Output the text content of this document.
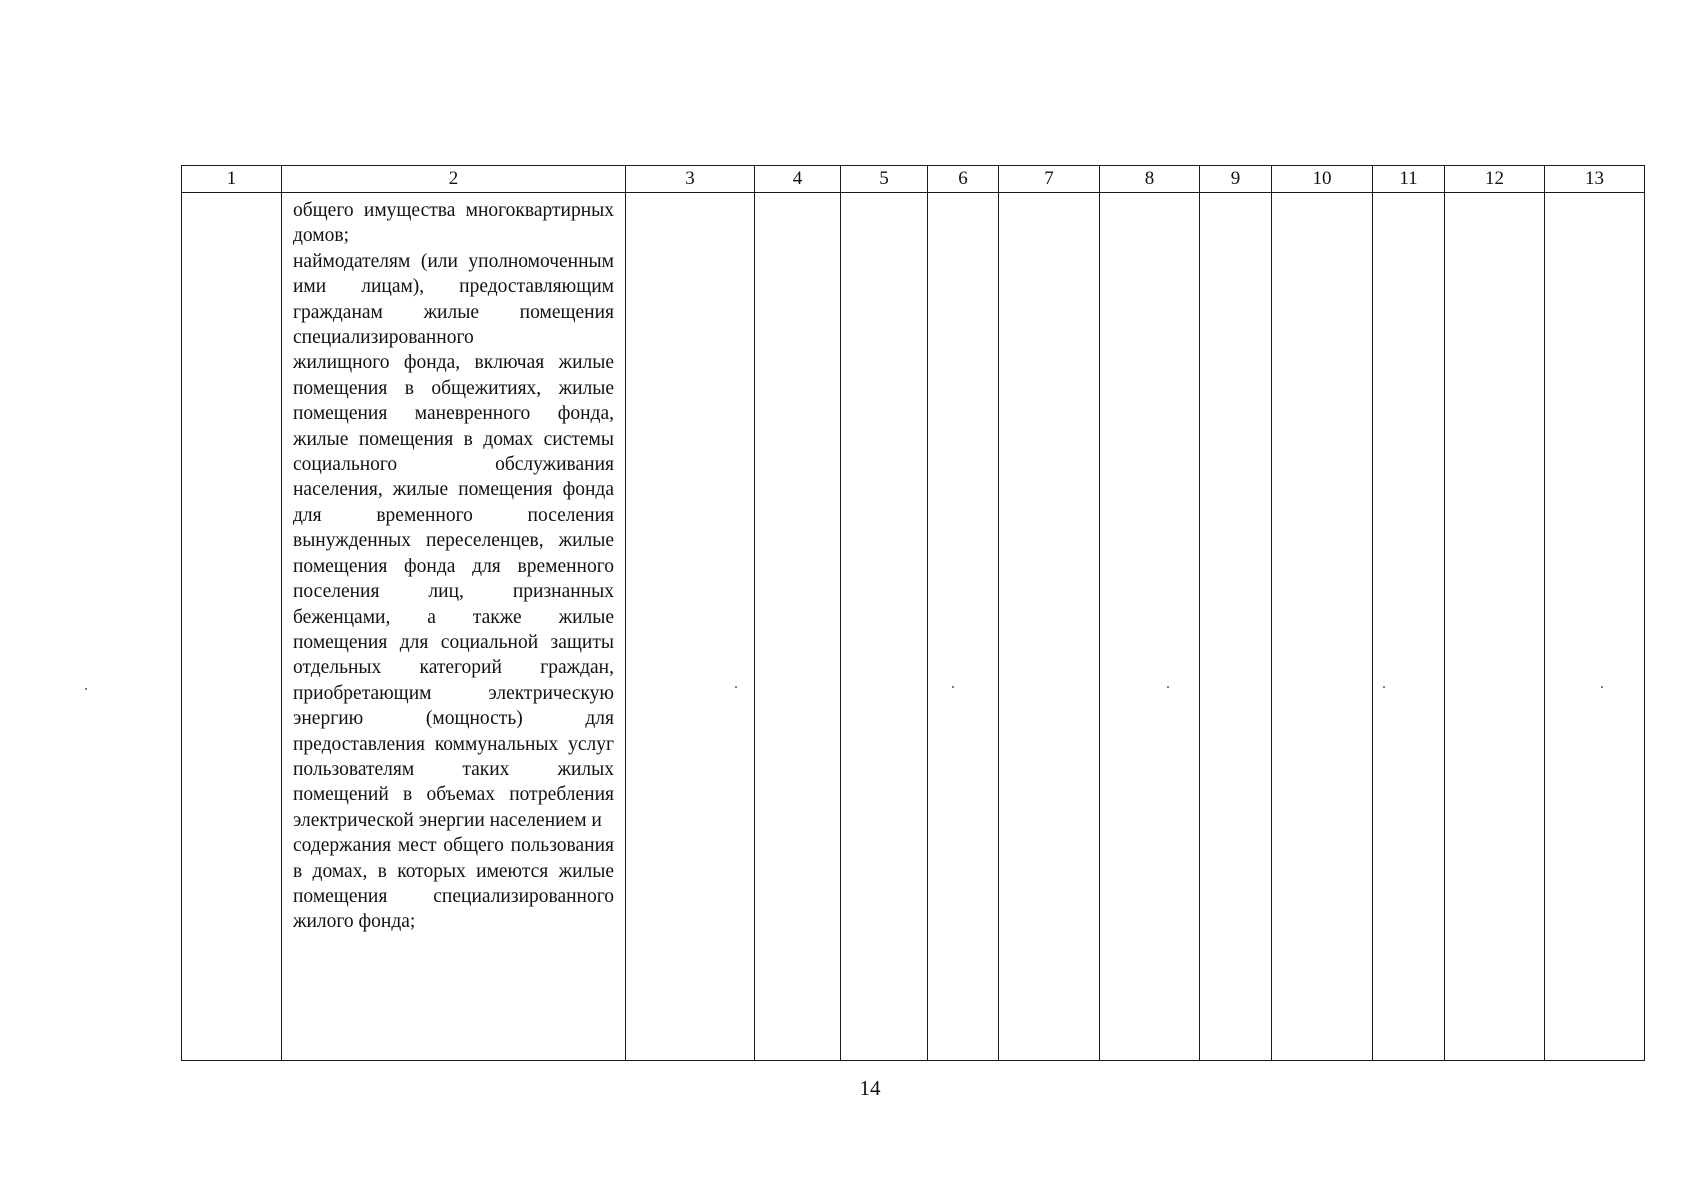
1	2	3	4	5	6	7	8	9	10	11	12	13

	общего имущества многоквартирных домов;
наймодателям (или уполномоченным ими лицам), предоставляющим гражданам жилые помещения специализированного
жилищного фонда, включая жилые помещения в общежитиях, жилые помещения маневренного фонда, жилые помещения в домах системы социального обслуживания населения, жилые помещения фонда для временного поселения вынужденных переселенцев, жилые помещения фонда для временного поселения лиц, признанных беженцами, а также жилые помещения для социальной защиты отдельных категорий граждан, приобретающим электрическую энергию (мощность) для предоставления коммунальных услуг пользователям таких жилых помещений в объемах потребления электрической энергии населением и
содержания мест общего пользования в домах, в которых имеются жилые помещения специализированного жилого фонда;											

14
